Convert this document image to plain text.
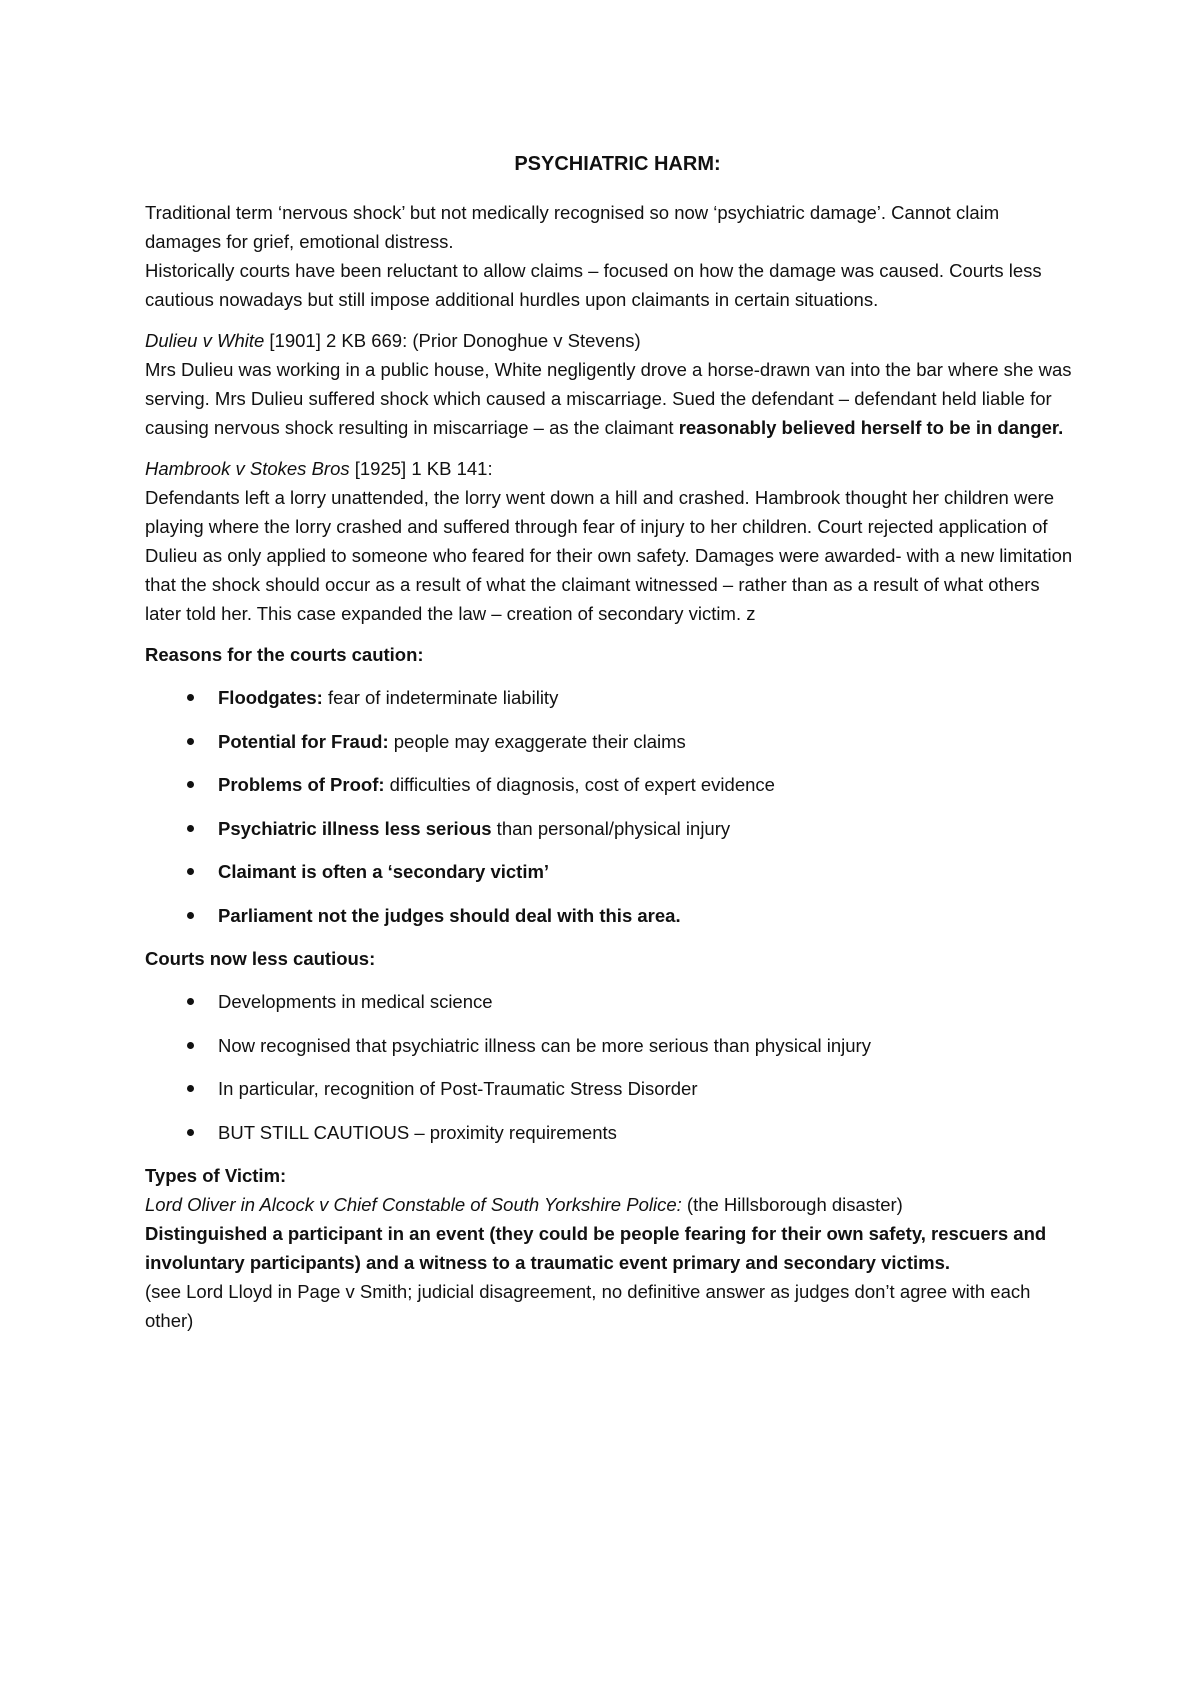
PSYCHIATRIC HARM:

Traditional term ‘nervous shock’ but not medically recognised so now ‘psychiatric damage’. Cannot claim damages for grief, emotional distress.
Historically courts have been reluctant to allow claims – focused on how the damage was caused. Courts less cautious nowadays but still impose additional hurdles upon claimants in certain situations.

Dulieu v White [1901] 2 KB 669: (Prior Donoghue v Stevens)
Mrs Dulieu was working in a public house, White negligently drove a horse-drawn van into the bar where she was serving. Mrs Dulieu suffered shock which caused a miscarriage. Sued the defendant – defendant held liable for causing nervous shock resulting in miscarriage – as the claimant reasonably believed herself to be in danger.

Hambrook v Stokes Bros [1925] 1 KB 141:
Defendants left a lorry unattended, the lorry went down a hill and crashed. Hambrook thought her children were playing where the lorry crashed and suffered through fear of injury to her children. Court rejected application of Dulieu as only applied to someone who feared for their own safety. Damages were awarded- with a new limitation that the shock should occur as a result of what the claimant witnessed – rather than as a result of what others later told her. This case expanded the law – creation of secondary victim. z

Reasons for the courts caution:
Floodgates: fear of indeterminate liability
Potential for Fraud: people may exaggerate their claims
Problems of Proof: difficulties of diagnosis, cost of expert evidence
Psychiatric illness less serious than personal/physical injury
Claimant is often a ‘secondary victim’
Parliament not the judges should deal with this area.
Courts now less cautious:
Developments in medical science
Now recognised that psychiatric illness can be more serious than physical injury
In particular, recognition of Post-Traumatic Stress Disorder
BUT STILL CAUTIOUS – proximity requirements

Types of Victim:
Lord Oliver in Alcock v Chief Constable of South Yorkshire Police: (the Hillsborough disaster)
Distinguished a participant in an event (they could be people fearing for their own safety, rescuers and involuntary participants) and a witness to a traumatic event primary and secondary victims.
(see Lord Lloyd in Page v Smith; judicial disagreement, no definitive answer as judges don’t agree with each other)
